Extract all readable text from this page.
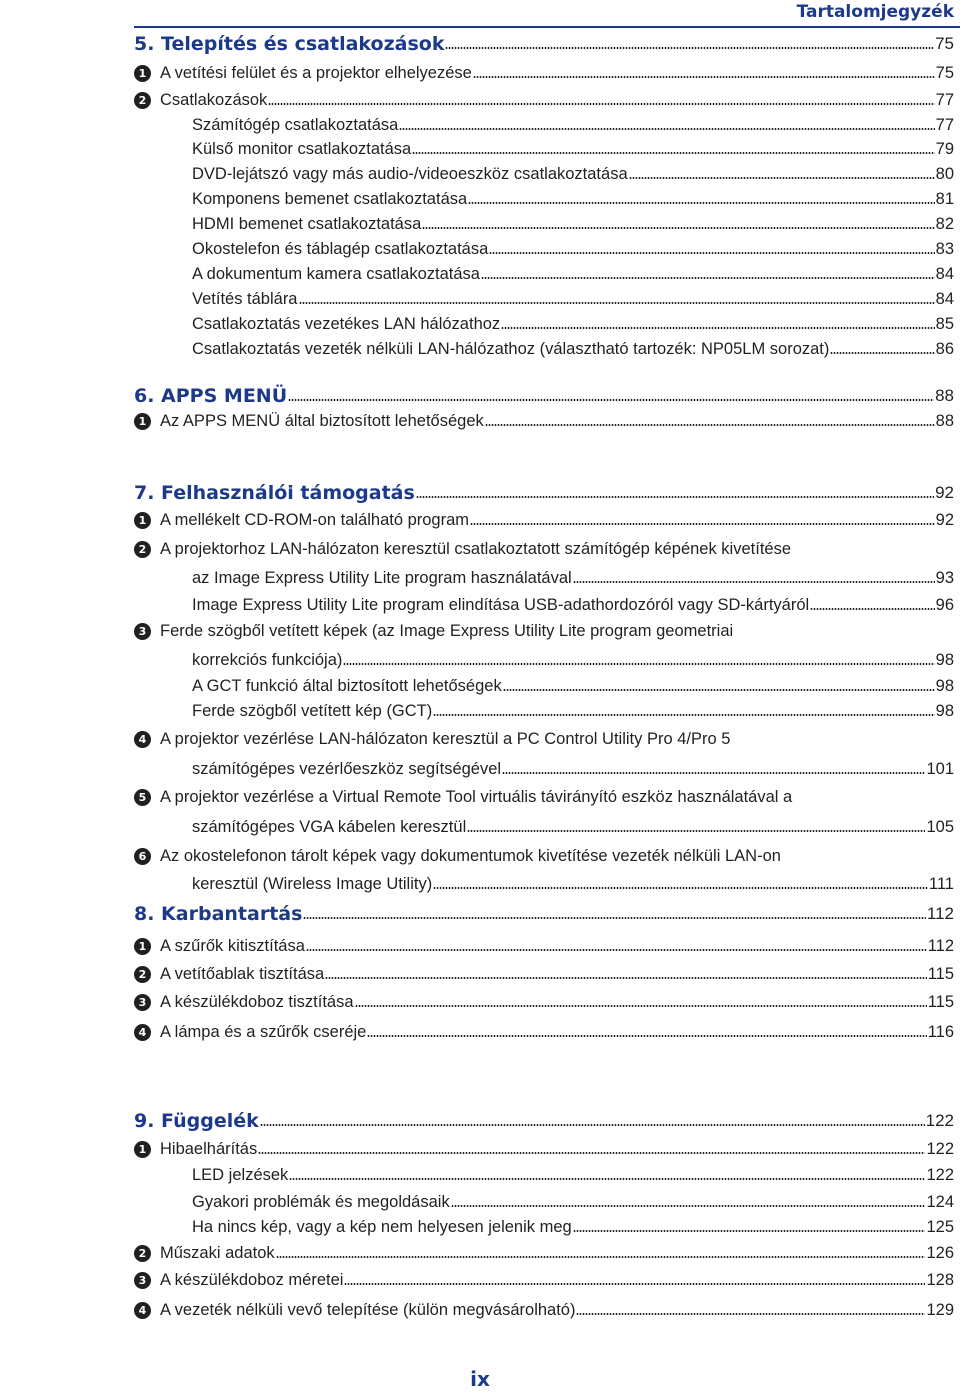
Tartalomjegyzék
5. Telepítés és csatlakozások	75
1 A vetítési felület és a projektor elhelyezése	75
2 Csatlakozások	77
Számítógép csatlakoztatása	77
Külső monitor csatlakoztatása	79
DVD-lejátszó vagy más audio-/videoeszköz csatlakoztatása	80
Komponens bemenet csatlakoztatása	81
HDMI bemenet csatlakoztatása	82
Okostelefon és táblagép csatlakoztatása	83
A dokumentum kamera csatlakoztatása	84
Vetítés táblára	84
Csatlakoztatás vezetékes LAN hálózathoz	85
Csatlakoztatás vezeték nélküli LAN-hálózathoz (választható tartozék: NP05LM sorozat)	86
6. APPS MENÜ	88
1 Az APPS MENÜ által biztosított lehetőségek	88
7. Felhasználói támogatás	92
1 A mellékelt CD-ROM-on található program	92
2 A projektorhoz LAN-hálózaton keresztül csatlakoztatott számítógép képének kivetítése
az Image Express Utility Lite program használatával	93
Image Express Utility Lite program elindítása USB-adathordozóról vagy SD-kártyáról	96
3 Ferde szögből vetített képek (az Image Express Utility Lite program geometriai
korrekciós funkciója)	98
A GCT funkció által biztosított lehetőségek	98
Ferde szögből vetített kép (GCT)	98
4 A projektor vezérlése LAN-hálózaton keresztül a PC Control Utility Pro 4/Pro 5
számítógépes vezérlőeszköz segítségével	101
5 A projektor vezérlése a Virtual Remote Tool virtuális távirányító eszköz használatával a
számítógépes VGA kábelen keresztül	105
6 Az okostelefonon tárolt képek vagy dokumentumok kivetítése vezeték nélküli LAN-on
keresztül (Wireless Image Utility)	111
8. Karbantartás	112
1 A szűrők kitisztítása	112
2 A vetítőablak tisztítása	115
3 A készülékdoboz tisztítása	115
4 A lámpa és a szűrők cseréje	116
9. Függelék	122
1 Hibaelhárítás	122
LED jelzések	122
Gyakori problémák és megoldásaik	124
Ha nincs kép, vagy a kép nem helyesen jelenik meg	125
2 Műszaki adatok	126
3 A készülékdoboz méretei	128
4 A vezeték nélküli vevő telepítése (külön megvásárolható)	129
ix
